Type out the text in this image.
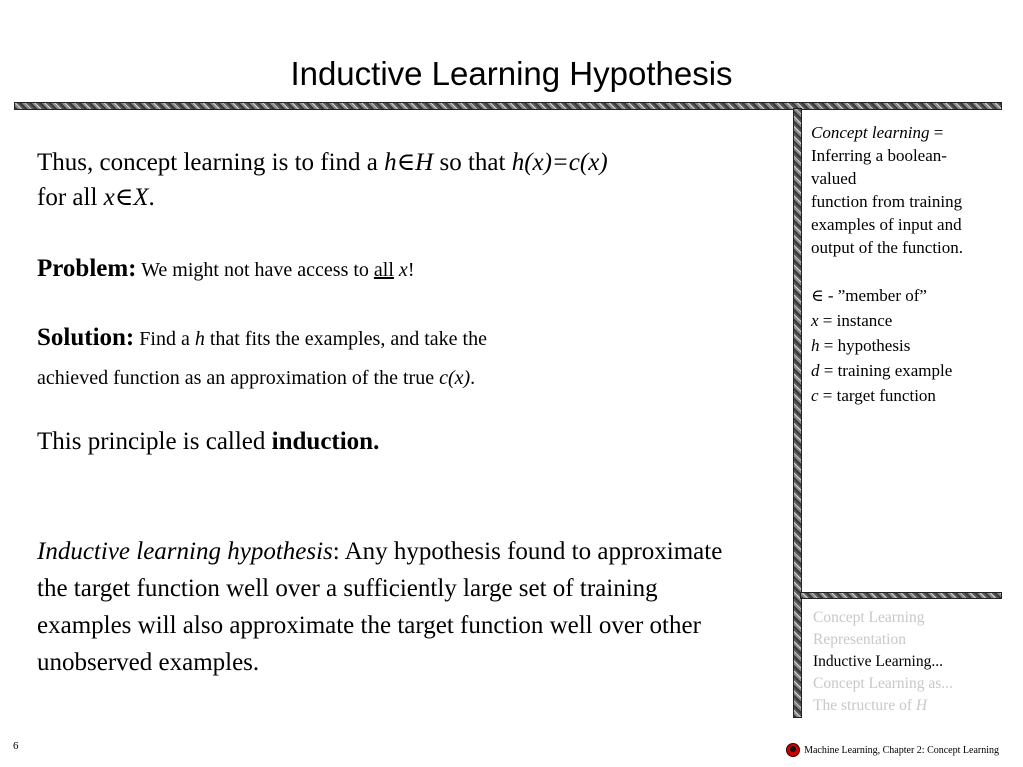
Inductive Learning Hypothesis

Thus, concept learning is to find a h∈H so that h(x)=c(x)
for all x∈X.

Problem: We might not have access to all x!

Solution: Find a h that fits the examples, and take the
achieved function as an approximation of the true c(x).

This principle is called induction.

Inductive learning hypothesis: Any hypothesis found to approximate the target function well over a sufficiently large set of training examples will also approximate the target function well over other unobserved examples.

Concept learning =
Inferring a boolean-
valued
function from training
examples of input and
output of the function.

∈ - ”member of”
x = instance
h = hypothesis
d = training example
c = target function

Concept Learning
Representation
Inductive Learning...
Concept Learning as...
The structure of H
6	Machine Learning, Chapter 2: Concept Learning
